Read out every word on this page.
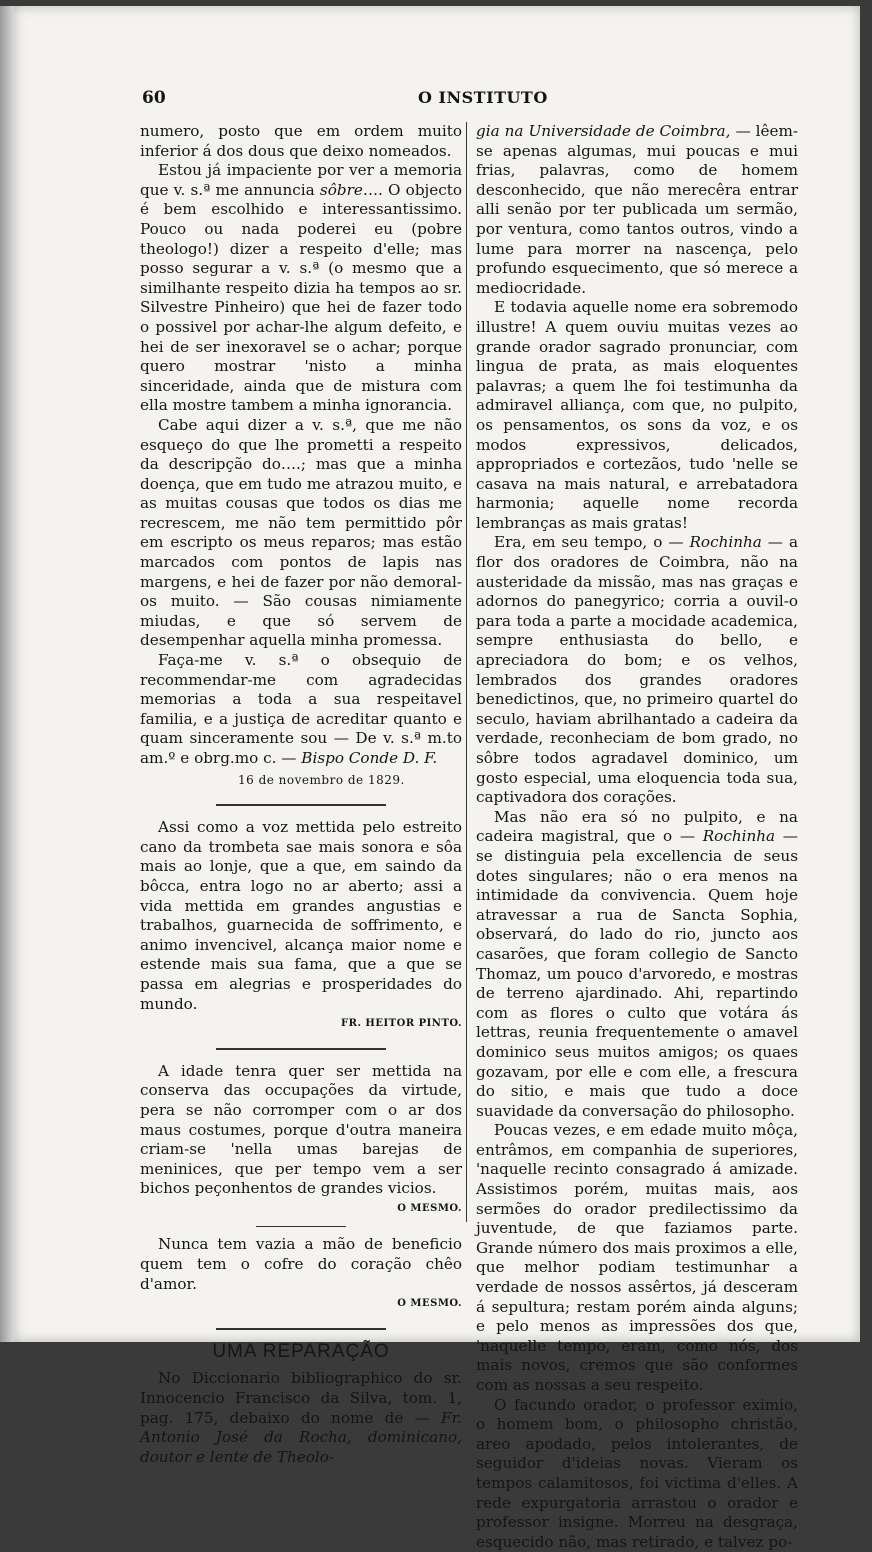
60	O INSTITUTO

numero, posto que em ordem muito inferior á dos dous que deixo nomeados.

Estou já impaciente por ver a memoria que v. s.ª me annuncia sôbre…. O objecto é bem escolhido e interessantissimo. Pouco ou nada poderei eu (pobre theologo!) dizer a respeito d'elle; mas posso segurar a v. s.ª (o mesmo que a similhante respeito dizia ha tempos ao sr. Silvestre Pinheiro) que hei de fazer todo o possivel por achar-lhe algum defeito, e hei de ser inexoravel se o achar; porque quero mostrar 'nisto a minha sinceridade, ainda que de mistura com ella mostre tambem a minha ignorancia.

Cabe aqui dizer a v. s.ª, que me não esqueço do que lhe prometti a respeito da descripção do….; mas que a minha doença, que em tudo me atrazou muito, e as muitas cousas que todos os dias me recrescem, me não tem permittido pôr em escripto os meus reparos; mas estão marcados com pontos de lapis nas margens, e hei de fazer por não demoral-os muito. — São cousas nimiamente miudas, e que só servem de desempenhar aquella minha promessa.

Faça-me v. s.ª o obsequio de recommendar-me com agradecidas memorias a toda a sua respeitavel familia, e a justiça de acreditar quanto e quam sinceramente sou — De v. s.ª m.to am.º e obrg.mo c. — Bispo Conde D. F.

16 de novembro de 1829.

Assi como a voz mettida pelo estreito cano da trombeta sae mais sonora e sôa mais ao lonje, que a que, em saindo da bôcca, entra logo no ar aberto; assi a vida mettida em grandes angustias e trabalhos, guarnecida de soffrimento, e animo invencivel, alcança maior nome e estende mais sua fama, que a que se passa em alegrias e prosperidades do mundo.

FR. HEITOR PINTO.

A idade tenra quer ser mettida na conserva das occupações da virtude, pera se não corromper com o ar dos maus costumes, porque d'outra maneira criam-se 'nella umas barejas de meninices, que per tempo vem a ser bichos peçonhentos de grandes vicios.

O MESMO.

Nunca tem vazia a mão de beneficio quem tem o cofre do coração chêo d'amor.

O MESMO.

UMA REPARAÇÃO

No Diccionario bibliographico do sr. Innocencio Francisco da Silva, tom. 1, pag. 175, debaixo do nome de — Fr. Antonio José da Rocha, dominicano, doutor e lente de Theolo-

gia na Universidade de Coimbra, — lêem-se apenas algumas, mui poucas e mui frias, palavras, como de homem desconhecido, que não merecêra entrar alli senão por ter publicada um sermão, por ventura, como tantos outros, vindo a lume para morrer na nascença, pelo profundo esquecimento, que só merece a mediocridade.

E todavia aquelle nome era sobremodo illustre! A quem ouviu muitas vezes ao grande orador sagrado pronunciar, com lingua de prata, as mais eloquentes palavras; a quem lhe foi testimunha da admiravel alliança, com que, no pulpito, os pensamentos, os sons da voz, e os modos expressivos, delicados, appropriados e cortezãos, tudo 'nelle se casava na mais natural, e arrebatadora harmonia; aquelle nome recorda lembranças as mais gratas!

Era, em seu tempo, o — Rochinha — a flor dos oradores de Coimbra, não na austeridade da missão, mas nas graças e adornos do panegyrico; corria a ouvil-o para toda a parte a mocidade academica, sempre enthusiasta do bello, e apreciadora do bom; e os velhos, lembrados dos grandes oradores benedictinos, que, no primeiro quartel do seculo, haviam abrilhantado a cadeira da verdade, reconheciam de bom grado, no sôbre todos agradavel dominico, um gosto especial, uma eloquencia toda sua, captivadora dos corações.

Mas não era só no pulpito, e na cadeira magistral, que o — Rochinha — se distinguia pela excellencia de seus dotes singulares; não o era menos na intimidade da convivencia. Quem hoje atravessar a rua de Sancta Sophia, observará, do lado do rio, juncto aos casarões, que foram collegio de Sancto Thomaz, um pouco d'arvoredo, e mostras de terreno ajardinado. Ahi, repartindo com as flores o culto que votára ás lettras, reunia frequentemente o amavel dominico seus muitos amigos; os quaes gozavam, por elle e com elle, a frescura do sitio, e mais que tudo a doce suavidade da conversação do philosopho.

Poucas vezes, e em edade muito môça, entrâmos, em companhia de superiores, 'naquelle recinto consagrado á amizade. Assistimos porém, muitas mais, aos sermões do orador predilectissimo da juventude, de que faziamos parte. Grande número dos mais proximos a elle, que melhor podiam testimunhar a verdade de nossos assêrtos, já desceram á sepultura; restam porém ainda alguns; e pelo menos as impressões dos que, 'naquelle tempo, eram, como nós, dos mais novos, cremos que são conformes com as nossas a seu respeito.

O facundo orador, o professor eximio, o homem bom, o philosopho christão, areo apodado, pelos intolerantes, de seguidor d'ideias novas. Vieram os tempos calamitosos, foi victima d'elles. A rede expurgatoria arrastou o orador e professor insigne. Morreu na desgraça, esquecido não, mas retirado, e talvez po-
